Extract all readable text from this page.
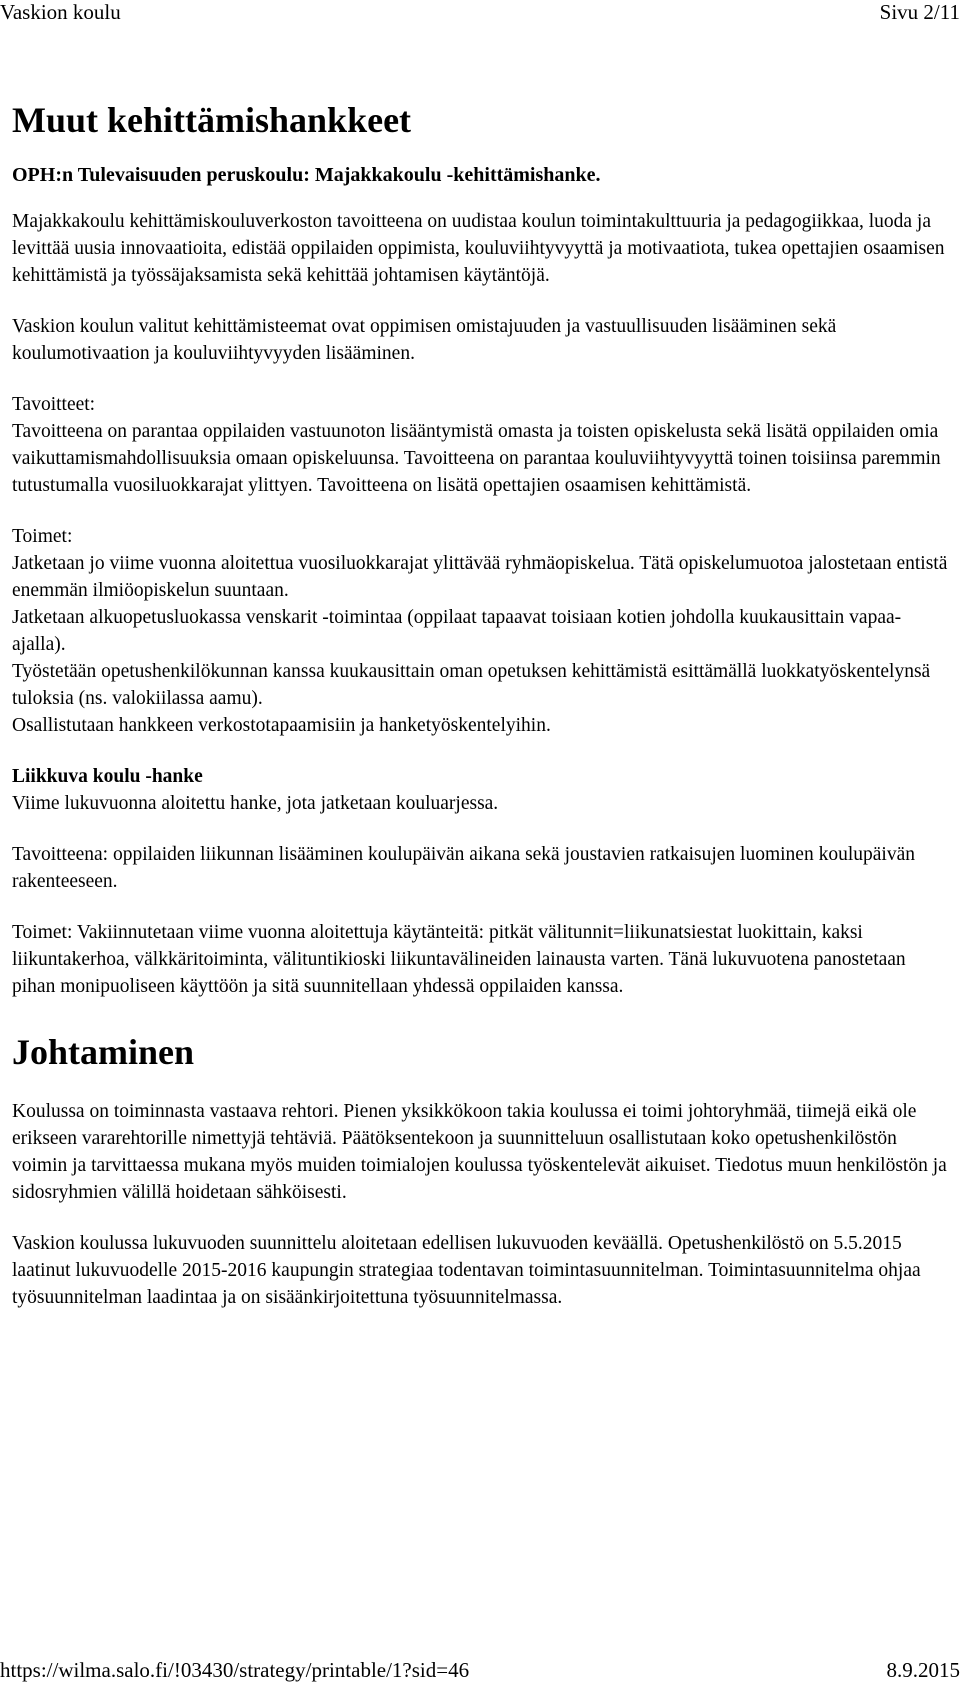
Vaskion koulu	Sivu 2/11
Muut kehittämishankkeet
OPH:n Tulevaisuuden peruskoulu: Majakkakoulu -kehittämishanke.

Majakkakoulu kehittämiskouluverkoston tavoitteena on uudistaa koulun toimintakulttuuria ja pedagogiikkaa, luoda ja levittää uusia innovaatioita, edistää oppilaiden oppimista, kouluviihtyvyyttä ja motivaatiota, tukea opettajien osaamisen kehittämistä ja työssäjaksamista sekä kehittää johtamisen käytäntöjä.

Vaskion koulun valitut kehittämisteemat ovat oppimisen omistajuuden ja vastuullisuuden lisääminen sekä koulumotivaation ja kouluviihtyvyyden lisääminen.

Tavoitteet:
Tavoitteena on parantaa oppilaiden vastuunoton lisääntymistä omasta ja toisten opiskelusta sekä lisätä oppilaiden omia vaikuttamismahdollisuuksia omaan opiskeluunsa. Tavoitteena on parantaa kouluviihtyvyyttä toinen toisiinsa paremmin tutustumalla vuosiluokkarajat ylittyen. Tavoitteena on lisätä opettajien osaamisen kehittämistä.

Toimet:
Jatketaan jo viime vuonna aloitettua vuosiluokkarajat ylittävää ryhmäopiskelua. Tätä opiskelumuotoa jalostetaan entistä enemmän ilmiöopiskelun suuntaan.
Jatketaan alkuopetusluokassa venskarit -toimintaa (oppilaat tapaavat toisiaan kotien johdolla kuukausittain vapaa-ajalla).
Työstetään opetushenkilökunnan kanssa kuukausittain oman opetuksen kehittämistä esittämällä luokkatyöskentelynsä tuloksia (ns. valokiilassa aamu).
Osallistutaan hankkeen verkostotapaamisiin ja hanketyöskentelyihin.

Liikkuva koulu -hanke
Viime lukuvuonna aloitettu hanke, jota jatketaan kouluarjessa.

Tavoitteena: oppilaiden liikunnan lisääminen koulupäivän aikana sekä joustavien ratkaisujen luominen koulupäivän rakenteeseen.

Toimet: Vakiinnutetaan viime vuonna aloitettuja käytänteitä: pitkät välitunnit=liikunatsiestat luokittain, kaksi liikuntakerhoa, välkkäritoiminta, välituntikioski liikuntavälineiden lainausta varten. Tänä lukuvuotena panostetaan pihan monipuoliseen käyttöön ja sitä suunnitellaan yhdessä oppilaiden kanssa.

Johtaminen

Koulussa on toiminnasta vastaava rehtori. Pienen yksikkökoon takia koulussa ei toimi johtoryhmää, tiimejä eikä ole erikseen vararehtorille nimettyjä tehtäviä. Päätöksentekoon ja suunnitteluun osallistutaan koko opetushenkilöstön voimin ja tarvittaessa mukana myös muiden toimialojen koulussa työskentelevät aikuiset. Tiedotus muun henkilöstön ja sidosryhmien välillä hoidetaan sähköisesti.

Vaskion koulussa lukuvuoden suunnittelu aloitetaan edellisen lukuvuoden keväällä. Opetushenkilöstö on 5.5.2015 laatinut lukuvuodelle 2015-2016 kaupungin strategiaa todentavan toimintasuunnitelman. Toimintasuunnitelma ohjaa työsuunnitelman laadintaa ja on sisäänkirjoitettuna työsuunnitelmassa.

https://wilma.salo.fi/!03430/strategy/printable/1?sid=46	8.9.2015
